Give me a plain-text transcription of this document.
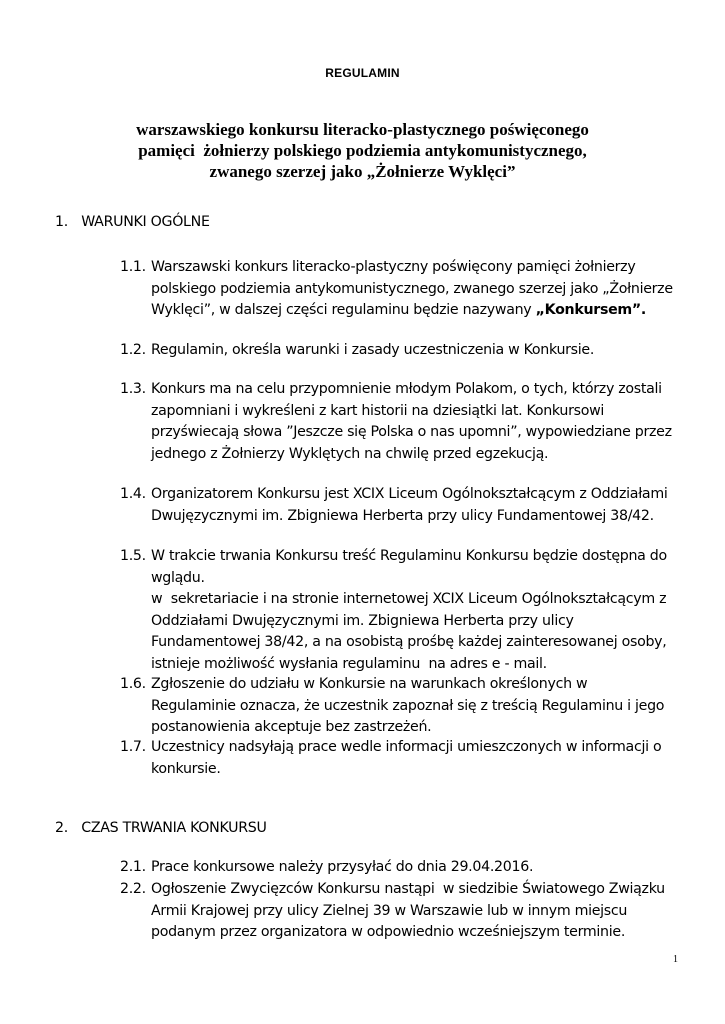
REGULAMIN
warszawskiego konkursu literacko-plastycznego poświęconego
pamięci  żołnierzy polskiego podziemia antykomunistycznego,
zwanego szerzej jako „Żołnierze Wyklęci”
1. WARUNKI OGÓLNE
1.1. Warszawski konkurs literacko-plastyczny poświęcony pamięci żołnierzy
polskiego podziemia antykomunistycznego, zwanego szerzej jako „Żołnierze
Wyklęci”, w dalszej części regulaminu będzie nazywany „Konkursem”.
1.2. Regulamin, określa warunki i zasady uczestniczenia w Konkursie.
1.3. Konkurs ma na celu przypomnienie młodym Polakom, o tych, którzy zostali
zapomniani i wykreśleni z kart historii na dziesiątki lat. Konkursowi
przyświecają słowa ”Jeszcze się Polska o nas upomni”, wypowiedziane przez
jednego z Żołnierzy Wyklętych na chwilę przed egzekucją.
1.4. Organizatorem Konkursu jest XCIX Liceum Ogólnokształcącym z Oddziałami
Dwujęzycznymi im. Zbigniewa Herberta przy ulicy Fundamentowej 38/42.
1.5. W trakcie trwania Konkursu treść Regulaminu Konkursu będzie dostępna do
wglądu.
w  sekretariacie i na stronie internetowej XCIX Liceum Ogólnokształcącym z
Oddziałami Dwujęzycznymi im. Zbigniewa Herberta przy ulicy
Fundamentowej 38/42, a na osobistą prośbę każdej zainteresowanej osoby,
istnieje możliwość wysłania regulaminu  na adres e - mail.
1.6. Zgłoszenie do udziału w Konkursie na warunkach określonych w
Regulaminie oznacza, że uczestnik zapoznał się z treścią Regulaminu i jego
postanowienia akceptuje bez zastrzeżeń.
1.7. Uczestnicy nadsyłają prace wedle informacji umieszczonych w informacji o
konkursie.
2. CZAS TRWANIA KONKURSU
2.1. Prace konkursowe należy przysyłać do dnia 29.04.2016.
2.2. Ogłoszenie Zwycięzców Konkursu nastąpi  w siedzibie Światowego Związku
Armii Krajowej przy ulicy Zielnej 39 w Warszawie lub w innym miejscu
podanym przez organizatora w odpowiednio wcześniejszym terminie.
1
